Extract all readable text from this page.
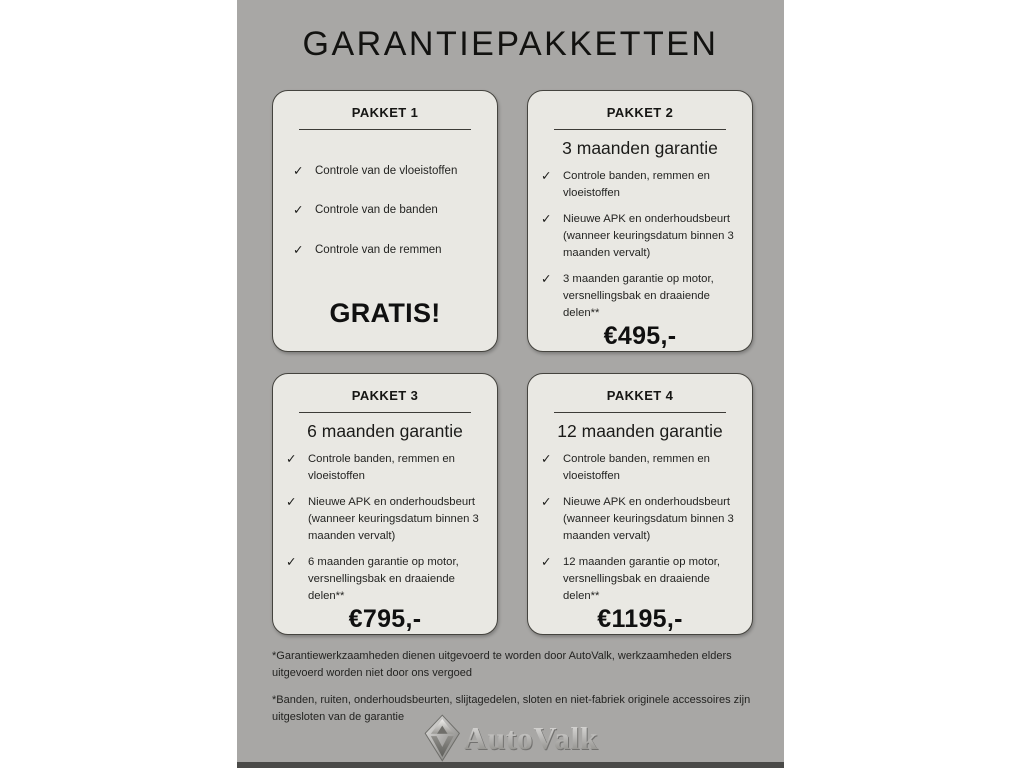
GARANTIEPAKKETTEN
PAKKET 1
✓ Controle van de vloeistoffen
✓ Controle van de banden
✓ Controle van de remmen
GRATIS!
PAKKET 2
3 maanden garantie
✓ Controle banden, remmen en vloeistoffen
✓ Nieuwe APK en onderhoudsbeurt (wanneer keuringsdatum binnen 3 maanden vervalt)
✓ 3 maanden garantie op motor, versnellingsbak en draaiende delen**
€495,-
PAKKET 3
6 maanden garantie
✓ Controle banden, remmen en vloeistoffen
✓ Nieuwe APK en onderhoudsbeurt (wanneer keuringsdatum binnen 3 maanden vervalt)
✓ 6 maanden garantie op motor, versnellingsbak en draaiende delen**
€795,-
PAKKET 4
12 maanden garantie
✓ Controle banden, remmen en vloeistoffen
✓ Nieuwe APK en onderhoudsbeurt (wanneer keuringsdatum binnen 3 maanden vervalt)
✓ 12 maanden garantie op motor, versnellingsbak en draaiende delen**
€1195,-

*Garantiewerkzaamheden dienen uitgevoerd te worden door AutoValk, werkzaamheden elders uitgevoerd worden niet door ons vergoed

*Banden, ruiten, onderhoudsbeurten, slijtagedelen, sloten en niet-fabriek originele accessoires zijn uitgesloten van de garantie

AutoValk
